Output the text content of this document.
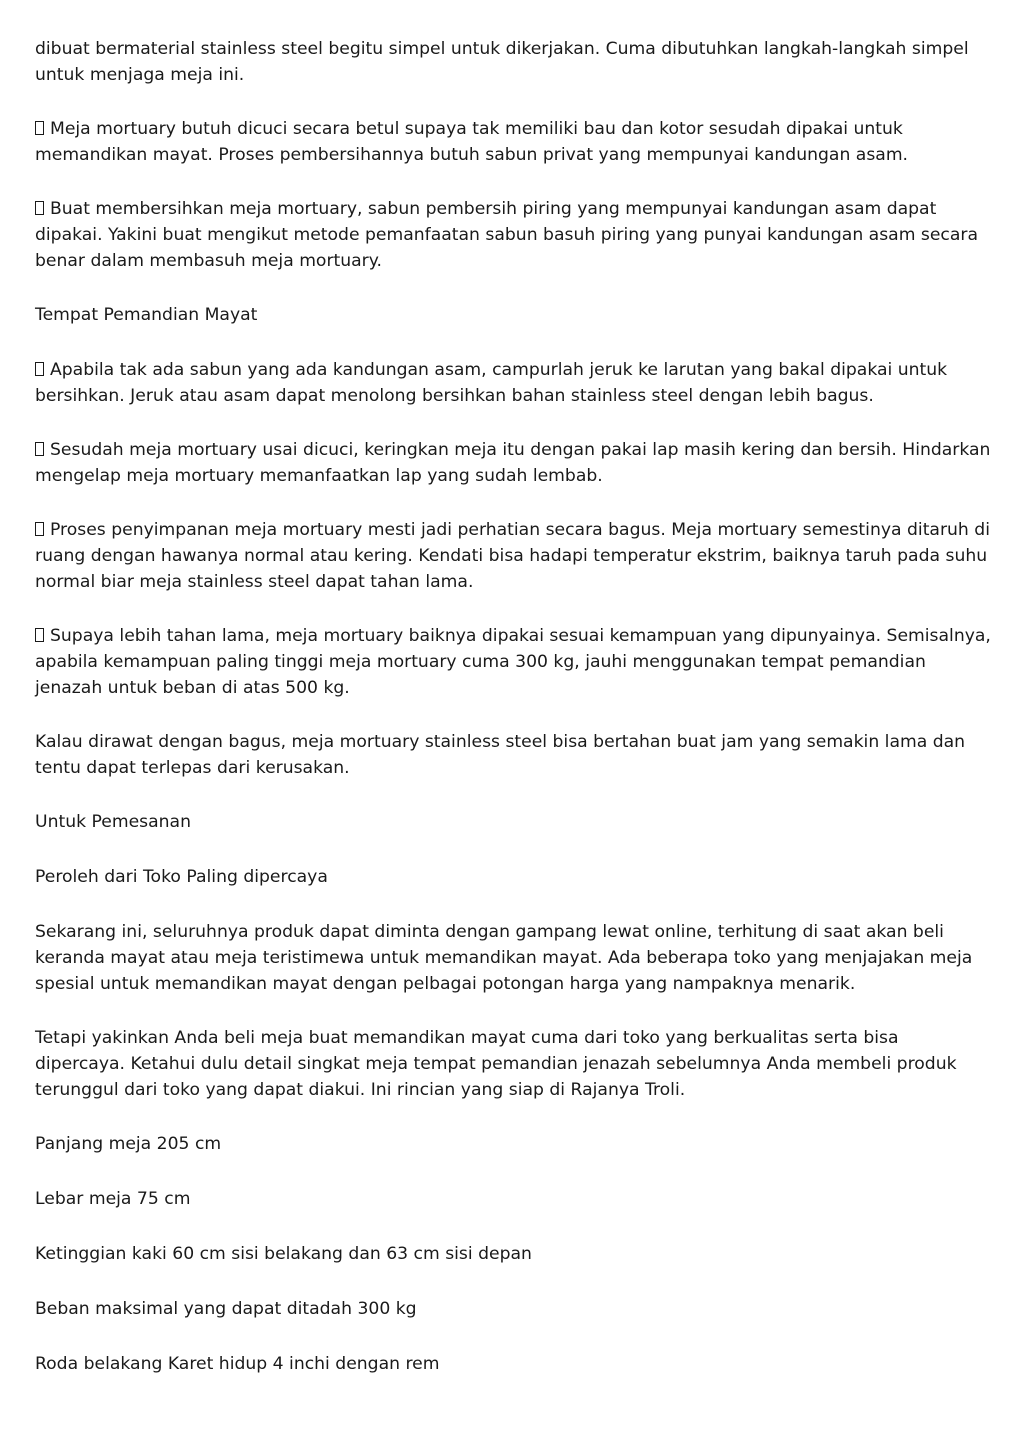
dibuat bermaterial stainless steel begitu simpel untuk dikerjakan. Cuma dibutuhkan langkah-langkah simpel untuk menjaga meja ini.

Meja mortuary butuh dicuci secara betul supaya tak memiliki bau dan kotor sesudah dipakai untuk memandikan mayat. Proses pembersihannya butuh sabun privat yang mempunyai kandungan asam.

Buat membersihkan meja mortuary, sabun pembersih piring yang mempunyai kandungan asam dapat dipakai. Yakini buat mengikut metode pemanfaatan sabun basuh piring yang punyai kandungan asam secara benar dalam membasuh meja mortuary.

Tempat Pemandian Mayat

Apabila tak ada sabun yang ada kandungan asam, campurlah jeruk ke larutan yang bakal dipakai untuk bersihkan. Jeruk atau asam dapat menolong bersihkan bahan stainless steel dengan lebih bagus.

Sesudah meja mortuary usai dicuci, keringkan meja itu dengan pakai lap masih kering dan bersih. Hindarkan mengelap meja mortuary memanfaatkan lap yang sudah lembab.

Proses penyimpanan meja mortuary mesti jadi perhatian secara bagus. Meja mortuary semestinya ditaruh di ruang dengan hawanya normal atau kering. Kendati bisa hadapi temperatur ekstrim, baiknya taruh pada suhu normal biar meja stainless steel dapat tahan lama.

Supaya lebih tahan lama, meja mortuary baiknya dipakai sesuai kemampuan yang dipunyainya. Semisalnya, apabila kemampuan paling tinggi meja mortuary cuma 300 kg, jauhi menggunakan tempat pemandian jenazah untuk beban di atas 500 kg.

Kalau dirawat dengan bagus, meja mortuary stainless steel bisa bertahan buat jam yang semakin lama dan tentu dapat terlepas dari kerusakan.

Untuk Pemesanan

Peroleh dari Toko Paling dipercaya

Sekarang ini, seluruhnya produk dapat diminta dengan gampang lewat online, terhitung di saat akan beli keranda mayat atau meja teristimewa untuk memandikan mayat. Ada beberapa toko yang menjajakan meja spesial untuk memandikan mayat dengan pelbagai potongan harga yang nampaknya menarik.

Tetapi yakinkan Anda beli meja buat memandikan mayat cuma dari toko yang berkualitas serta bisa dipercaya. Ketahui dulu detail singkat meja tempat pemandian jenazah sebelumnya Anda membeli produk terunggul dari toko yang dapat diakui. Ini rincian yang siap di Rajanya Troli.

Panjang meja 205 cm

Lebar meja 75 cm

Ketinggian kaki 60 cm sisi belakang dan 63 cm sisi depan

Beban maksimal yang dapat ditadah 300 kg

Roda belakang Karet hidup 4 inchi dengan rem
